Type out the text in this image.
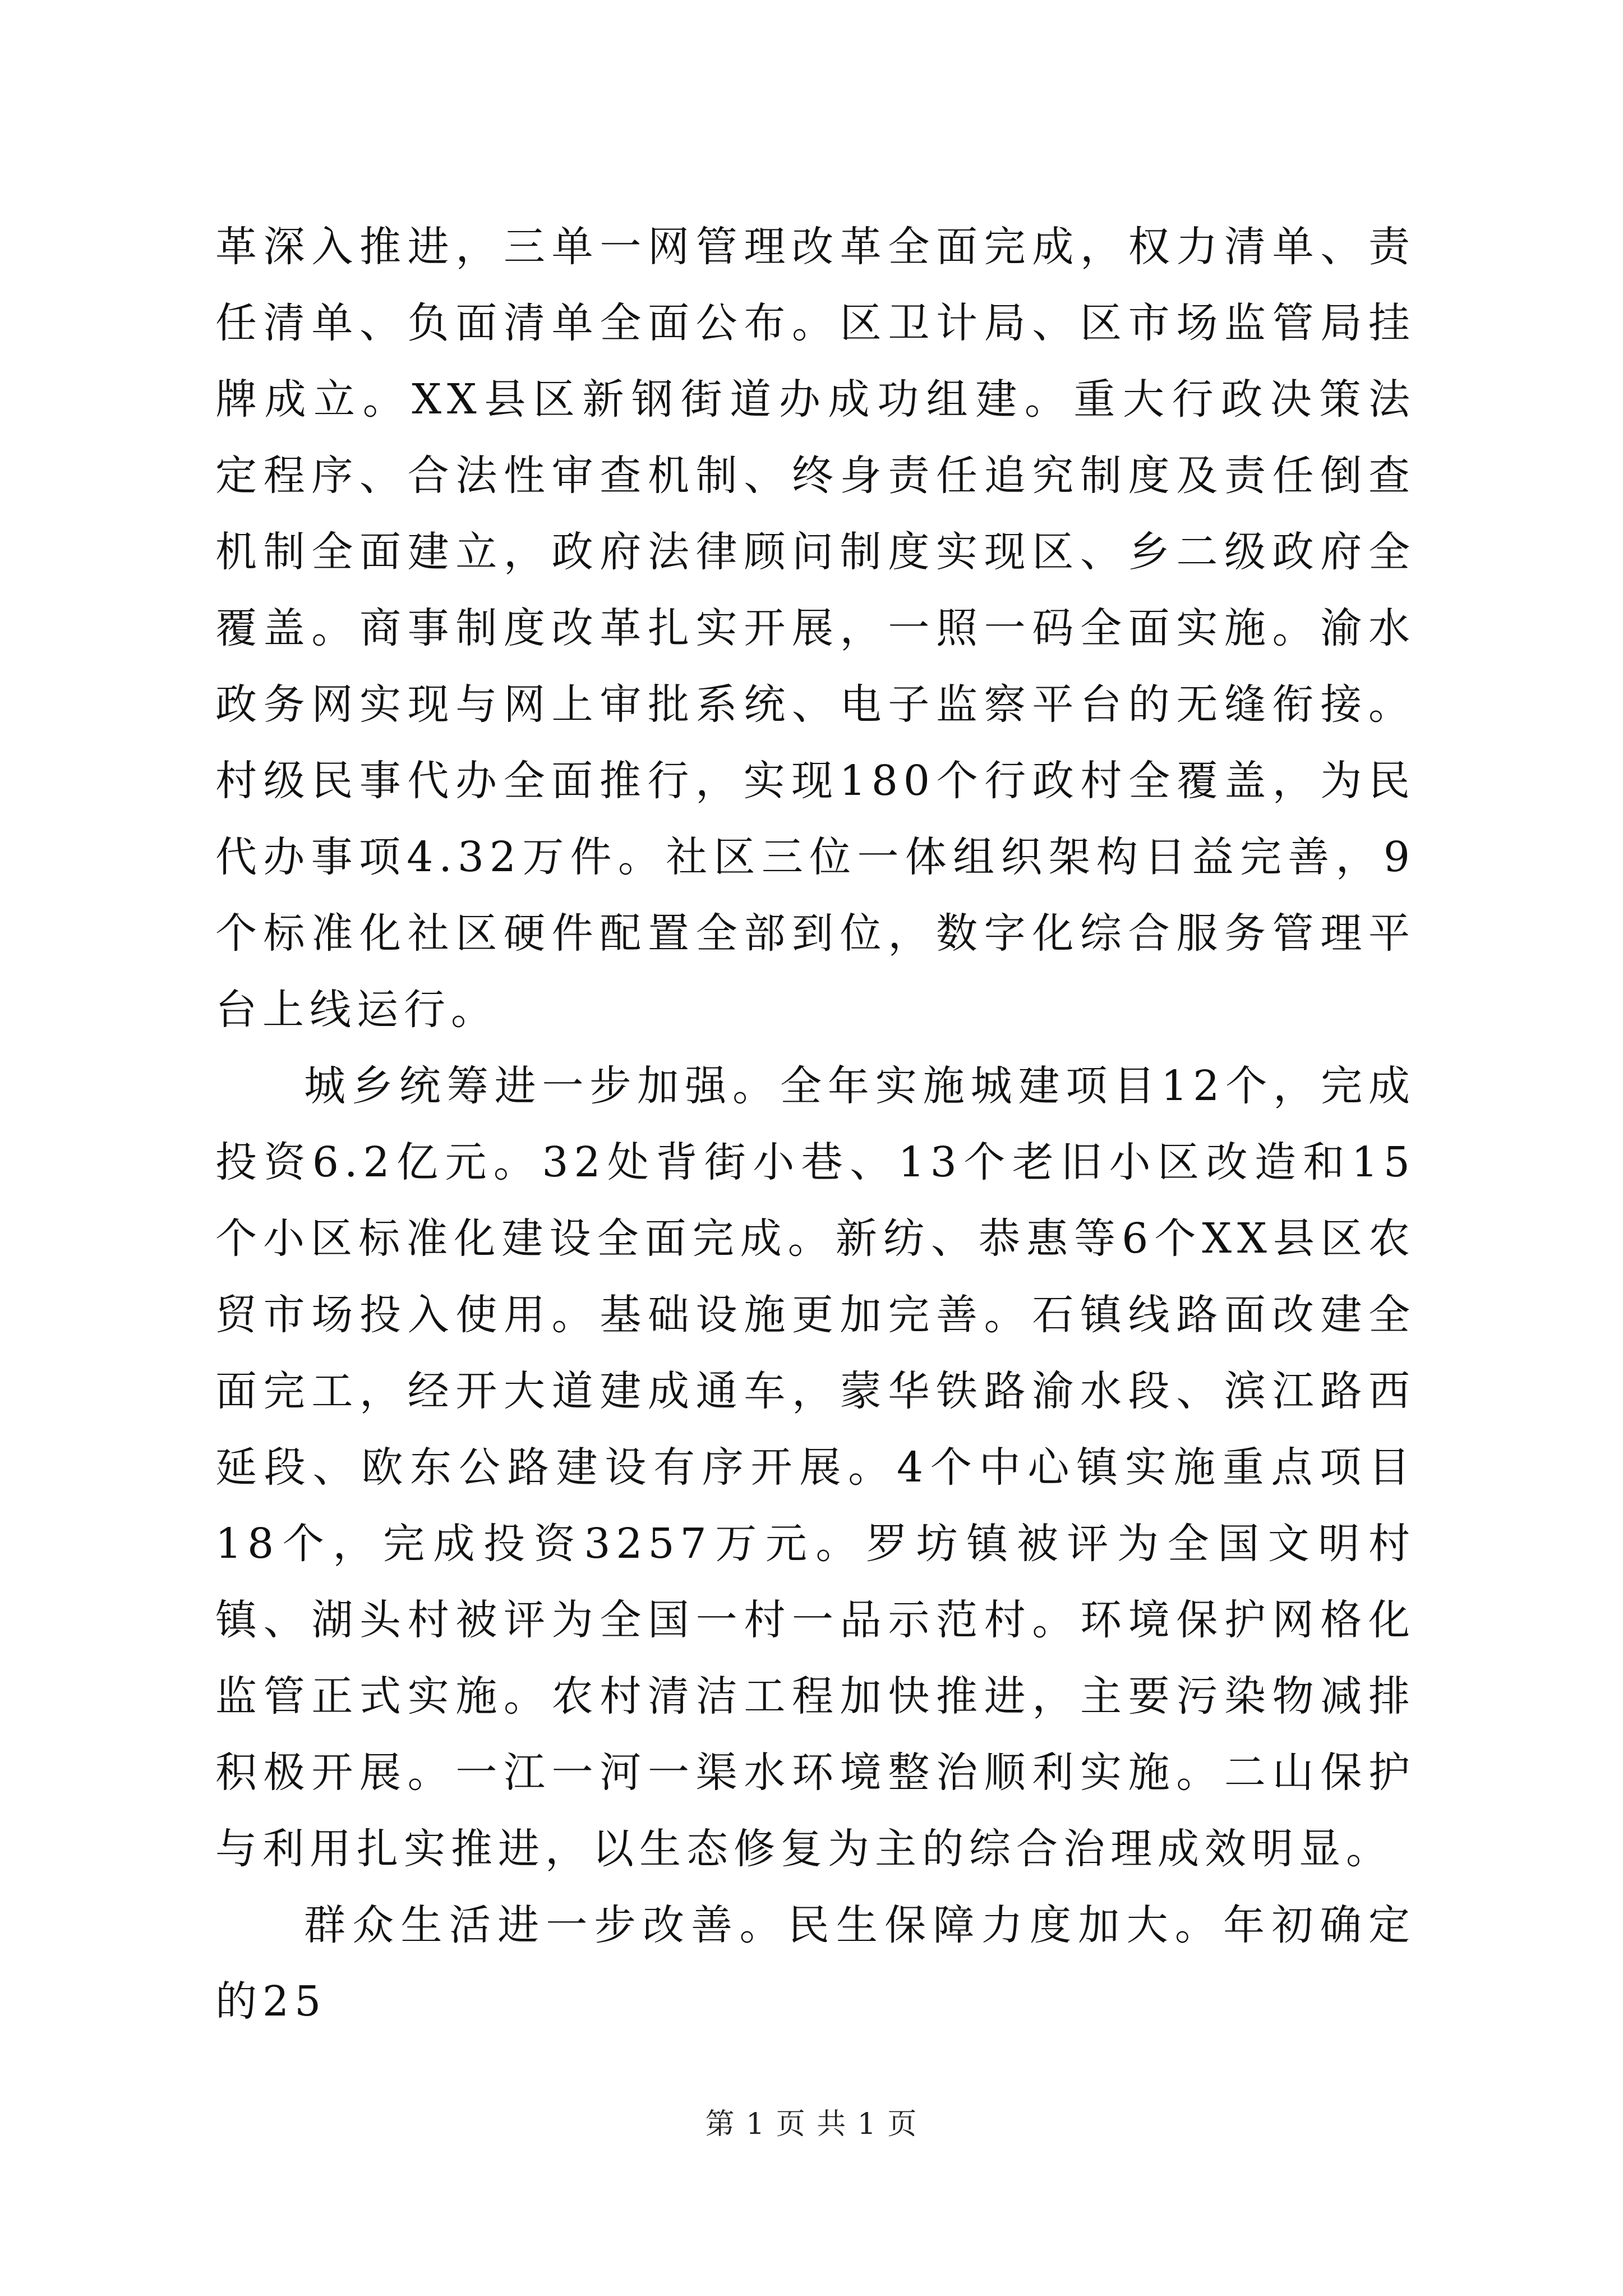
革深入推进，三单一网管理改革全面完成，权力清单、责任清单、负面清单全面公布。区卫计局、区市场监管局挂牌成立。XX县区新钢街道办成功组建。重大行政决策法定程序、合法性审查机制、终身责任追究制度及责任倒查机制全面建立，政府法律顾问制度实现区、乡二级政府全覆盖。商事制度改革扎实开展，一照一码全面实施。渝水政务网实现与网上审批系统、电子监察平台的无缝衔接。村级民事代办全面推行，实现180个行政村全覆盖，为民代办事项4.32万件。社区三位一体组织架构日益完善，9个标准化社区硬件配置全部到位，数字化综合服务管理平台上线运行。

城乡统筹进一步加强。全年实施城建项目12个，完成投资6.2亿元。32处背街小巷、13个老旧小区改造和15个小区标准化建设全面完成。新纺、恭惠等6个XX县区农贸市场投入使用。基础设施更加完善。石镇线路面改建全面完工，经开大道建成通车，蒙华铁路渝水段、滨江路西延段、欧东公路建设有序开展。4个中心镇实施重点项目18个，完成投资3257万元。罗坊镇被评为全国文明村镇、湖头村被评为全国一村一品示范村。环境保护网格化监管正式实施。农村清洁工程加快推进，主要污染物减排积极开展。一江一河一渠水环境整治顺利实施。二山保护与利用扎实推进，以生态修复为主的综合治理成效明显。

群众生活进一步改善。民生保障力度加大。年初确定的25

第 1 页 共 1 页
